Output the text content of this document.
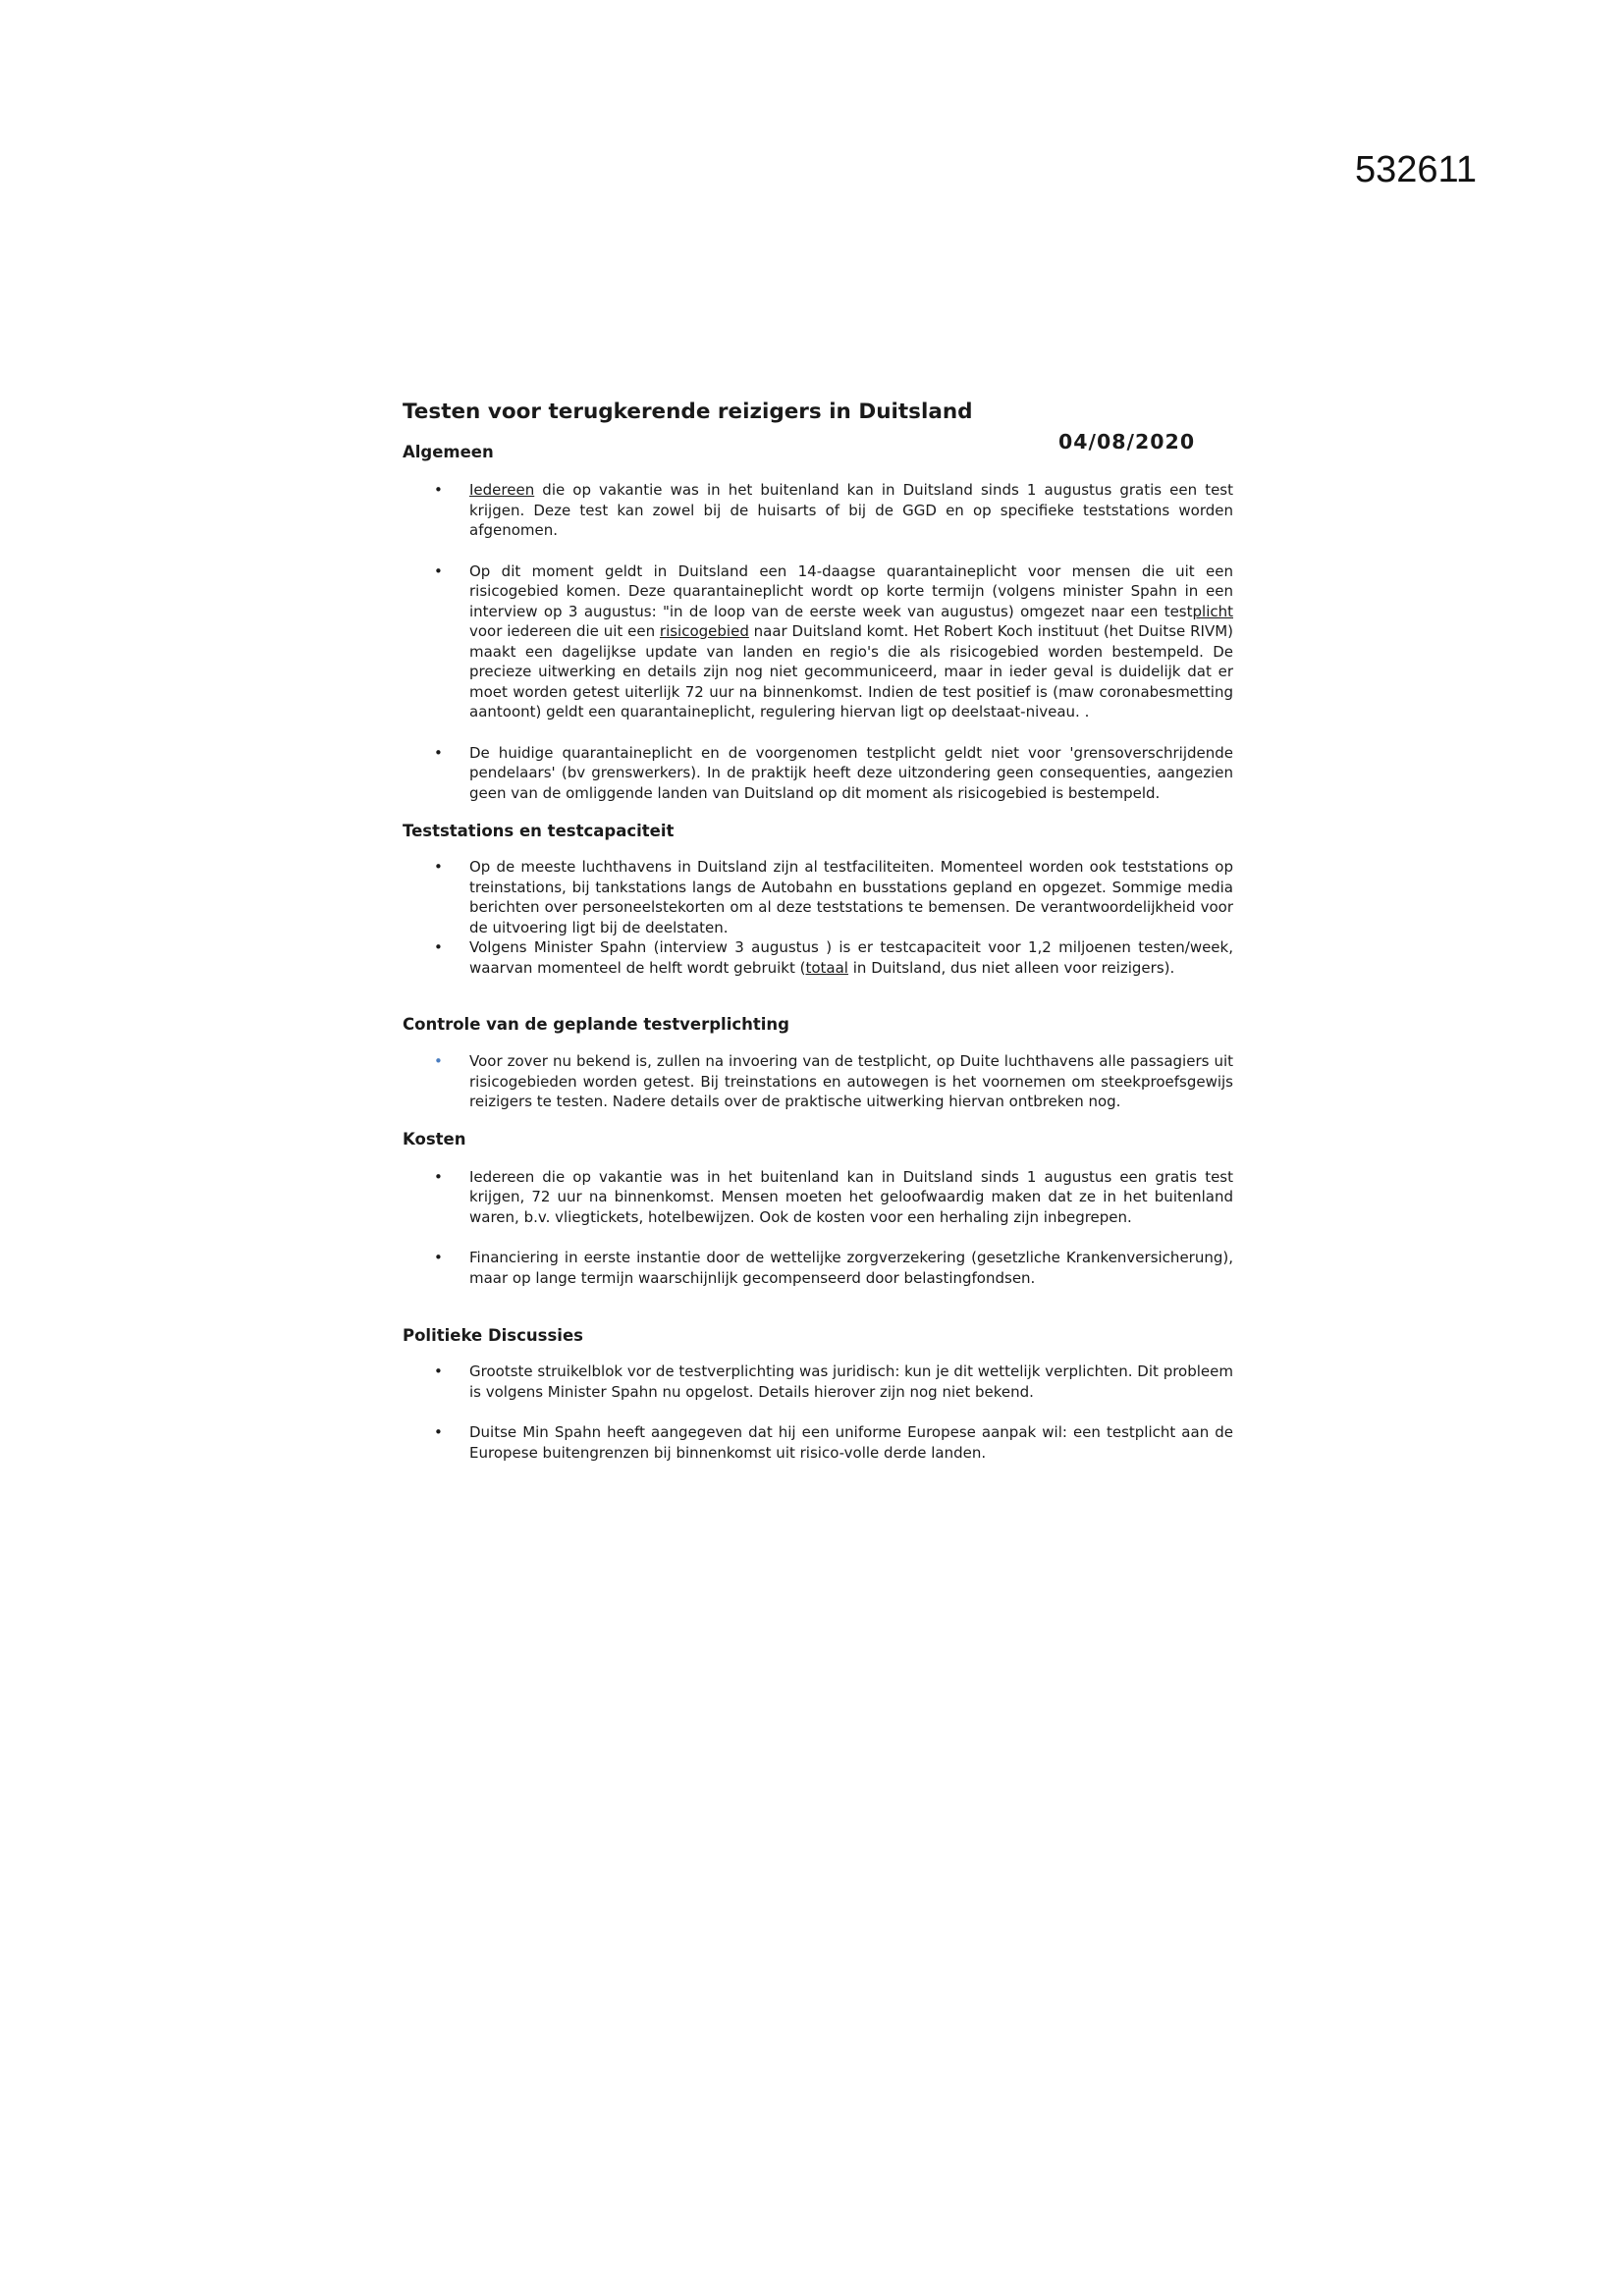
532611
Testen voor terugkerende reizigers in Duitsland
04/08/2020
Algemeen
• Iedereen die op vakantie was in het buitenland kan in Duitsland sinds 1 augustus gratis een test krijgen. Deze test kan zowel bij de huisarts of bij de GGD en op specifieke teststations worden afgenomen.
• Op dit moment geldt in Duitsland een 14-daagse quarantaineplicht voor mensen die uit een risicogebied komen. Deze quarantaineplicht wordt op korte termijn (volgens minister Spahn in een interview op 3 augustus: "in de loop van de eerste week van augustus) omgezet naar een testplicht voor iedereen die uit een risicogebied naar Duitsland komt. Het Robert Koch instituut (het Duitse RIVM) maakt een dagelijkse update van landen en regio's die als risicogebied worden bestempeld. De precieze uitwerking en details zijn nog niet gecommuniceerd, maar in ieder geval is duidelijk dat er moet worden getest uiterlijk 72 uur na binnenkomst. Indien de test positief is (maw coronabesmetting aantoont) geldt een quarantaineplicht, regulering hiervan ligt op deelstaat-niveau. .
• De huidige quarantaineplicht en de voorgenomen testplicht geldt niet voor 'grensoverschrijdende pendelaars' (bv grenswerkers). In de praktijk heeft deze uitzondering geen consequenties, aangezien geen van de omliggende landen van Duitsland op dit moment als risicogebied is bestempeld.
Teststations en testcapaciteit
• Op de meeste luchthavens in Duitsland zijn al testfaciliteiten. Momenteel worden ook teststations op treinstations, bij tankstations langs de Autobahn en busstations gepland en opgezet. Sommige media berichten over personeelstekorten om al deze teststations te bemensen. De verantwoordelijkheid voor de uitvoering ligt bij de deelstaten.
• Volgens Minister Spahn (interview 3 augustus ) is er testcapaciteit voor 1,2 miljoenen testen/week, waarvan momenteel de helft wordt gebruikt (totaal in Duitsland, dus niet alleen voor reizigers).
Controle van de geplande testverplichting
• Voor zover nu bekend is, zullen na invoering van de testplicht, op Duite luchthavens alle passagiers uit risicogebieden worden getest. Bij treinstations en autowegen is het voornemen om steekproefsgewijs reizigers te testen. Nadere details over de praktische uitwerking hiervan ontbreken nog.
Kosten
• Iedereen die op vakantie was in het buitenland kan in Duitsland sinds 1 augustus een gratis test krijgen, 72 uur na binnenkomst. Mensen moeten het geloofwaardig maken dat ze in het buitenland waren, b.v. vliegtickets, hotelbewijzen. Ook de kosten voor een herhaling zijn inbegrepen.
• Financiering in eerste instantie door de wettelijke zorgverzekering (gesetzliche Krankenversicherung), maar op lange termijn waarschijnlijk gecompenseerd door belastingfondsen.
Politieke Discussies
• Grootste struikelblok vor de testverplichting was juridisch: kun je dit wettelijk verplichten. Dit probleem is volgens Minister Spahn nu opgelost. Details hierover zijn nog niet bekend.
• Duitse Min Spahn heeft aangegeven dat hij een uniforme Europese aanpak wil: een testplicht aan de Europese buitengrenzen bij binnenkomst uit risico-volle derde landen.
